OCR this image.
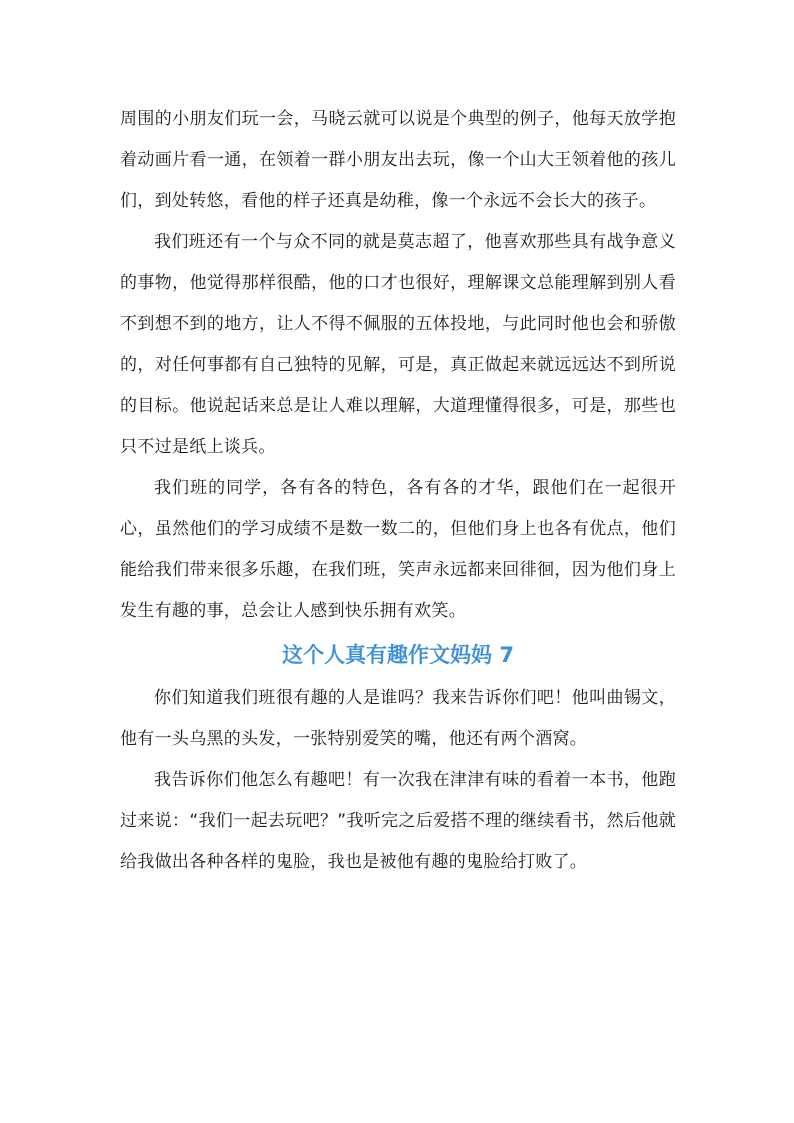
周围的小朋友们玩一会，马晓云就可以说是个典型的例子，他每天放学抱着动画片看一通，在领着一群小朋友出去玩，像一个山大王领着他的孩儿们，到处转悠，看他的样子还真是幼稚，像一个永远不会长大的孩子。

我们班还有一个与众不同的就是莫志超了，他喜欢那些具有战争意义的事物，他觉得那样很酷，他的口才也很好，理解课文总能理解到别人看不到想不到的地方，让人不得不佩服的五体投地，与此同时他也会和骄傲的，对任何事都有自己独特的见解，可是，真正做起来就远远达不到所说的目标。他说起话来总是让人难以理解，大道理懂得很多，可是，那些也只不过是纸上谈兵。

我们班的同学，各有各的特色，各有各的才华，跟他们在一起很开心，虽然他们的学习成绩不是数一数二的，但他们身上也各有优点，他们能给我们带来很多乐趣，在我们班，笑声永远都来回徘徊，因为他们身上发生有趣的事，总会让人感到快乐拥有欢笑。

这个人真有趣作文妈妈 7

你们知道我们班很有趣的人是谁吗？我来告诉你们吧！他叫曲锡文，他有一头乌黑的头发，一张特别爱笑的嘴，他还有两个酒窝。

我告诉你们他怎么有趣吧！有一次我在津津有味的看着一本书，他跑过来说：“我们一起去玩吧？”我听完之后爱搭不理的继续看书，然后他就给我做出各种各样的鬼脸，我也是被他有趣的鬼脸给打败了。
